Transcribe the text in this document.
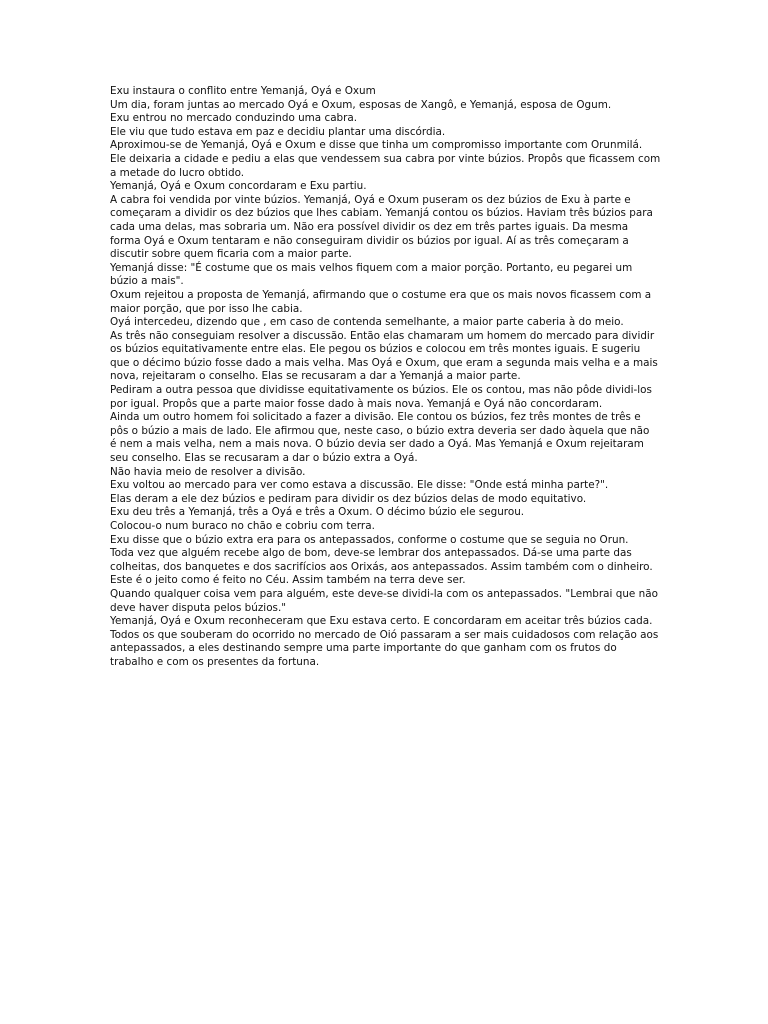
Exu instaura o conflito entre Yemanjá, Oyá e Oxum
Um dia, foram juntas ao mercado Oyá e Oxum, esposas de Xangô, e Yemanjá, esposa de Ogum.
Exu entrou no mercado conduzindo uma cabra.
Ele viu que tudo estava em paz e decidiu plantar uma discórdia.
Aproximou-se de Yemanjá, Oyá e Oxum e disse que tinha um compromisso importante com Orunmilá.
Ele deixaria a cidade e pediu a elas que vendessem sua cabra por vinte búzios. Propôs que ficassem com
a metade do lucro obtido.
Yemanjá, Oyá e Oxum concordaram e Exu partiu.
A cabra foi vendida por vinte búzios. Yemanjá, Oyá e Oxum puseram os dez búzios de Exu à parte e
começaram a dividir os dez búzios que lhes cabiam. Yemanjá contou os búzios. Haviam três búzios para
cada uma delas, mas sobraria um. Não era possível dividir os dez em três partes iguais. Da mesma
forma Oyá e Oxum tentaram e não conseguiram dividir os búzios por igual. Aí as três começaram a
discutir sobre quem ficaria com a maior parte.
Yemanjá disse: "É costume que os mais velhos fiquem com a maior porção. Portanto, eu pegarei um
búzio a mais".
Oxum rejeitou a proposta de Yemanjá, afirmando que o costume era que os mais novos ficassem com a
maior porção, que por isso lhe cabia.
Oyá intercedeu, dizendo que , em caso de contenda semelhante, a maior parte caberia à do meio.
As três não conseguiam resolver a discussão. Então elas chamaram um homem do mercado para dividir
os búzios equitativamente entre elas. Ele pegou os búzios e colocou em três montes iguais. E sugeriu
que o décimo búzio fosse dado a mais velha. Mas Oyá e Oxum, que eram a segunda mais velha e a mais
nova, rejeitaram o conselho. Elas se recusaram a dar a Yemanjá a maior parte.
Pediram a outra pessoa que dividisse equitativamente os búzios. Ele os contou, mas não pôde dividi-los
por igual. Propôs que a parte maior fosse dado à mais nova. Yemanjá e Oyá não concordaram.
Ainda um outro homem foi solicitado a fazer a divisão. Ele contou os búzios, fez três montes de três e
pôs o búzio a mais de lado. Ele afirmou que, neste caso, o búzio extra deveria ser dado àquela que não
é nem a mais velha, nem a mais nova. O búzio devia ser dado a Oyá. Mas Yemanjá e Oxum rejeitaram
seu conselho. Elas se recusaram a dar o búzio extra a Oyá.
Não havia meio de resolver a divisão.
Exu voltou ao mercado para ver como estava a discussão. Ele disse: "Onde está minha parte?".
Elas deram a ele dez búzios e pediram para dividir os dez búzios delas de modo equitativo.
Exu deu três a Yemanjá, três a Oyá e três a Oxum. O décimo búzio ele segurou.
Colocou-o num buraco no chão e cobriu com terra.
Exu disse que o búzio extra era para os antepassados, conforme o costume que se seguia no Orun.
Toda vez que alguém recebe algo de bom, deve-se lembrar dos antepassados. Dá-se uma parte das
colheitas, dos banquetes e dos sacrifícios aos Orixás, aos antepassados. Assim também com o dinheiro.
Este é o jeito como é feito no Céu. Assim também na terra deve ser.
Quando qualquer coisa vem para alguém, este deve-se dividi-la com os antepassados. "Lembrai que não
deve haver disputa pelos búzios."
Yemanjá, Oyá e Oxum reconheceram que Exu estava certo. E concordaram em aceitar três búzios cada.
Todos os que souberam do ocorrido no mercado de Oió passaram a ser mais cuidadosos com relação aos
antepassados, a eles destinando sempre uma parte importante do que ganham com os frutos do
trabalho e com os presentes da fortuna.
